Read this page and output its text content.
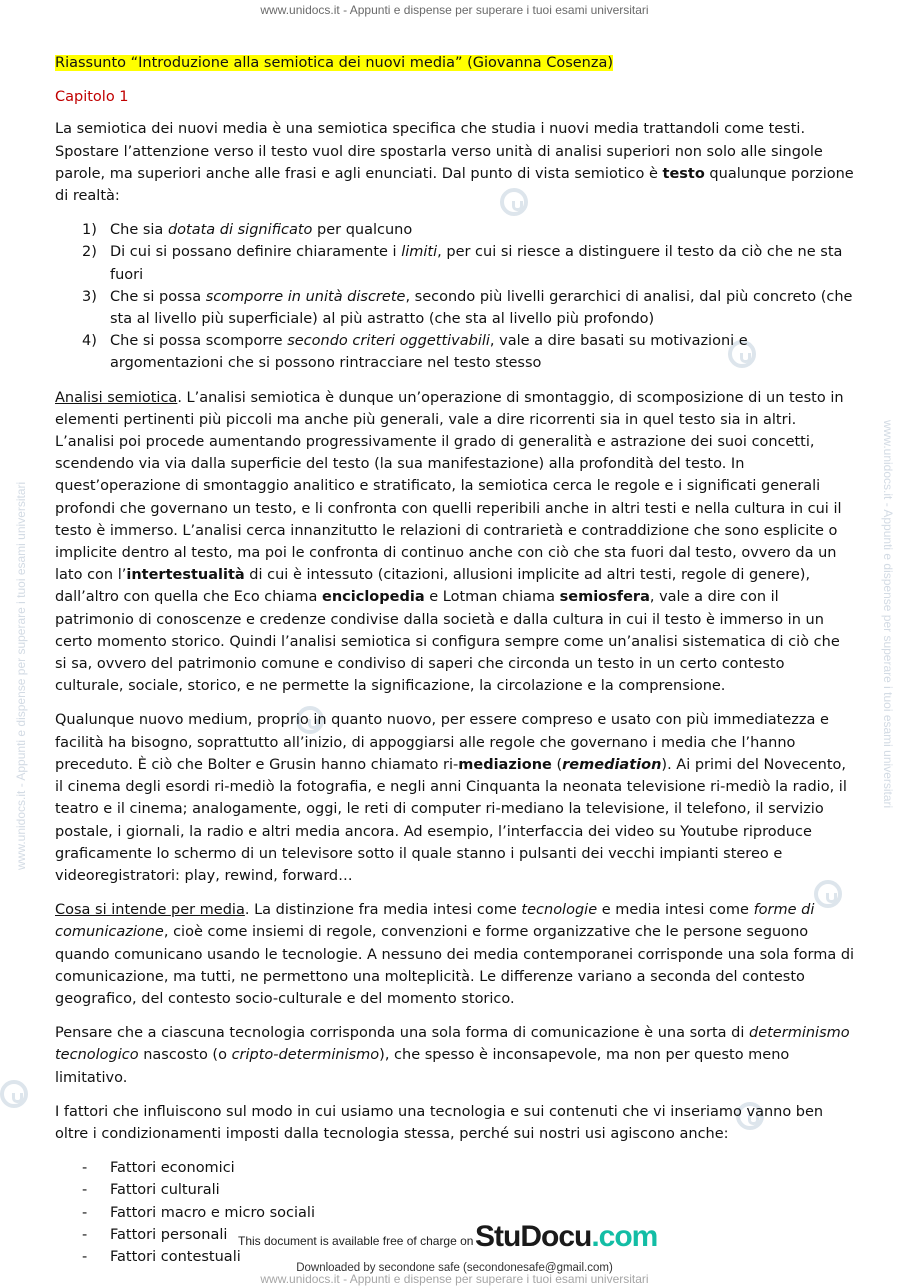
www.unidocs.it - Appunti e dispense per superare i tuoi esami universitari
www.unidocs.it - Appunti e dispense per superare i tuoi esami universitari	www.unidocs.it - Appunti e dispense per superare i tuoi esami universitari
Riassunto “Introduzione alla semiotica dei nuovi media” (Giovanna Cosenza)
Capitolo 1

La semiotica dei nuovi media è una semiotica specifica che studia i nuovi media trattandoli come testi. Spostare l’attenzione verso il testo vuol dire spostarla verso unità di analisi superiori non solo alle singole parole, ma superiori anche alle frasi e agli enunciati. Dal punto di vista semiotico è testo qualunque porzione di realtà:

1) Che sia dotata di significato per qualcuno
2) Di cui si possano definire chiaramente i limiti, per cui si riesce a distinguere il testo da ciò che ne sta fuori
3) Che si possa scomporre in unità discrete, secondo più livelli gerarchici di analisi, dal più concreto (che sta al livello più superficiale) al più astratto (che sta al livello più profondo)
4) Che si possa scomporre secondo criteri oggettivabili, vale a dire basati su motivazioni e argomentazioni che si possono rintracciare nel testo stesso

Analisi semiotica. L’analisi semiotica è dunque un’operazione di smontaggio, di scomposizione di un testo in elementi pertinenti più piccoli ma anche più generali, vale a dire ricorrenti sia in quel testo sia in altri. L’analisi poi procede aumentando progressivamente il grado di generalità e astrazione dei suoi concetti, scendendo via via dalla superficie del testo (la sua manifestazione) alla profondità del testo. In quest’operazione di smontaggio analitico e stratificato, la semiotica cerca le regole e i significati generali profondi che governano un testo, e li confronta con quelli reperibili anche in altri testi e nella cultura in cui il testo è immerso. L’analisi cerca innanzitutto le relazioni di contrarietà e contraddizione che sono esplicite o implicite dentro al testo, ma poi le confronta di continuo anche con ciò che sta fuori dal testo, ovvero da un lato con l’intertestualità di cui è intessuto (citazioni, allusioni implicite ad altri testi, regole di genere), dall’altro con quella che Eco chiama enciclopedia e Lotman chiama semiosfera, vale a dire con il patrimonio di conoscenze e credenze condivise dalla società e dalla cultura in cui il testo è immerso in un certo momento storico. Quindi l’analisi semiotica si configura sempre come un’analisi sistematica di ciò che si sa, ovvero del patrimonio comune e condiviso di saperi che circonda un testo in un certo contesto culturale, sociale, storico, e ne permette la significazione, la circolazione e la comprensione.

Qualunque nuovo medium, proprio in quanto nuovo, per essere compreso e usato con più immediatezza e facilità ha bisogno, soprattutto all’inizio, di appoggiarsi alle regole che governano i media che l’hanno preceduto. È ciò che Bolter e Grusin hanno chiamato ri-mediazione (remediation). Ai primi del Novecento, il cinema degli esordi ri-mediò la fotografia, e negli anni Cinquanta la neonata televisione ri-mediò la radio, il teatro e il cinema; analogamente, oggi, le reti di computer ri-mediano la televisione, il telefono, il servizio postale, i giornali, la radio e altri media ancora. Ad esempio, l’interfaccia dei video su Youtube riproduce graficamente lo schermo di un televisore sotto il quale stanno i pulsanti dei vecchi impianti stereo e videoregistratori: play, rewind, forward…

Cosa si intende per media. La distinzione fra media intesi come tecnologie e media intesi come forme di comunicazione, cioè come insiemi di regole, convenzioni e forme organizzative che le persone seguono quando comunicano usando le tecnologie. A nessuno dei media contemporanei corrisponde una sola forma di comunicazione, ma tutti, ne permettono una molteplicità. Le differenze variano a seconda del contesto geografico, del contesto socio-culturale e del momento storico.

Pensare che a ciascuna tecnologia corrisponda una sola forma di comunicazione è una sorta di determinismo tecnologico nascosto (o cripto-determinismo), che spesso è inconsapevole, ma non per questo meno limitativo.

I fattori che influiscono sul modo in cui usiamo una tecnologia e sui contenuti che vi inseriamo vanno ben oltre i condizionamenti imposti dalla tecnologia stessa, perché sui nostri usi agiscono anche:

- Fattori economici
- Fattori culturali
- Fattori macro e micro sociali
- Fattori personali
- Fattori contestuali
This document is available free of charge on StuDocu.com
Downloaded by secondone safe (secondonesafe@gmail.com)
www.unidocs.it - Appunti e dispense per superare i tuoi esami universitari
